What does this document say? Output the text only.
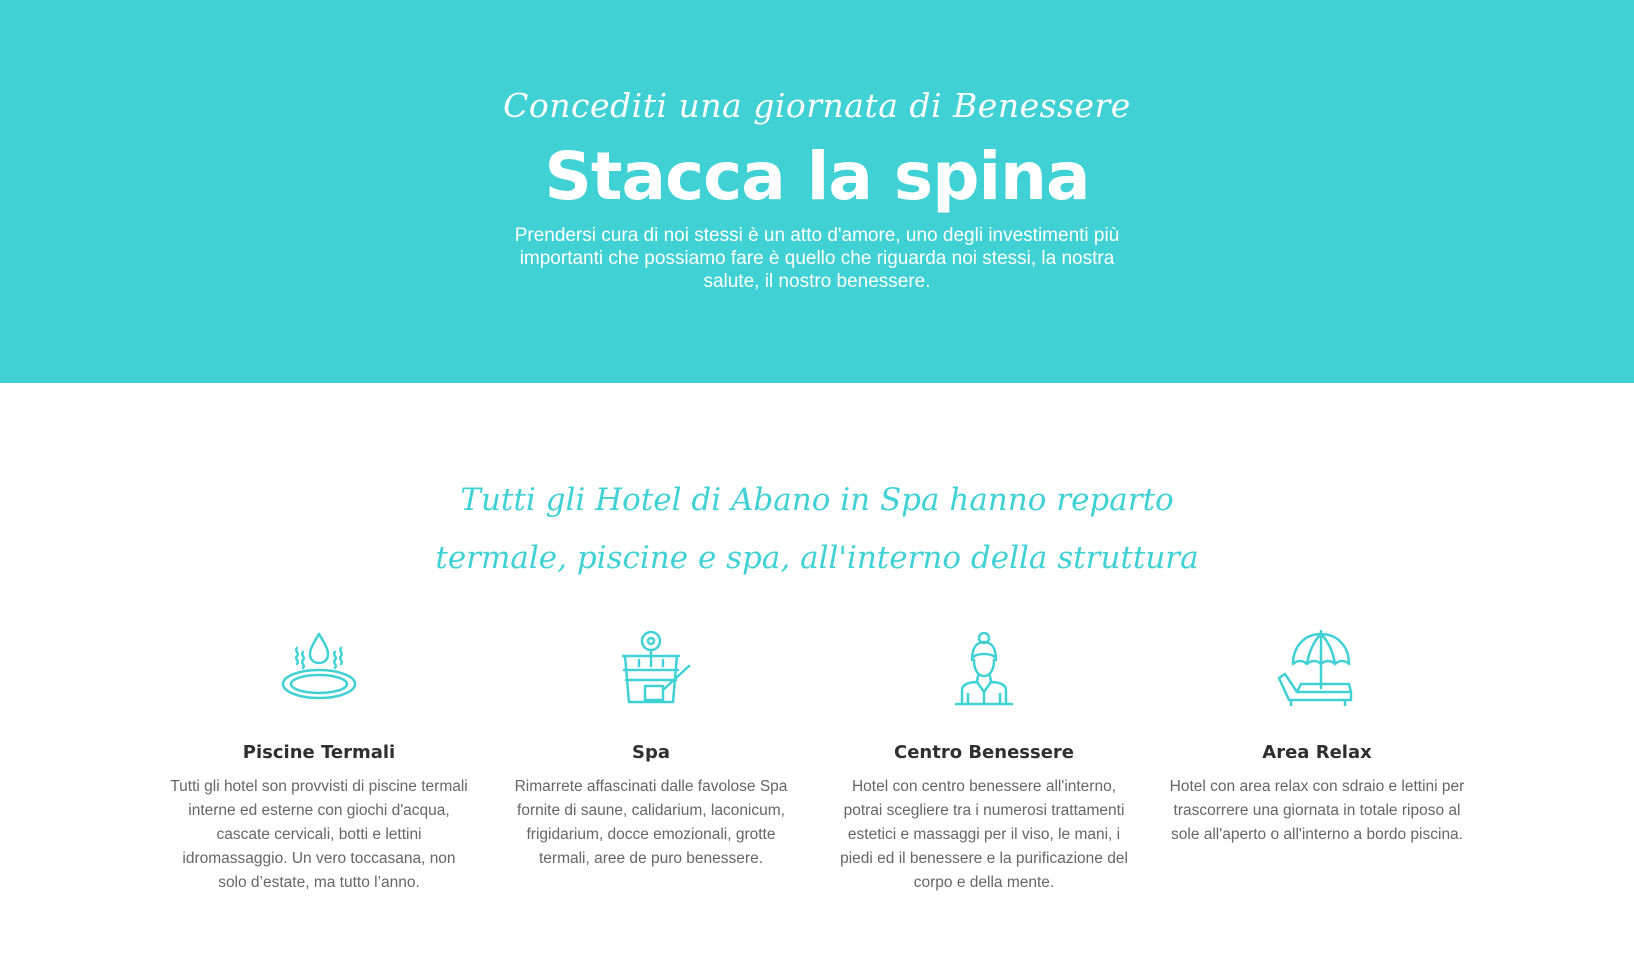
Concediti una giornata di Benessere
Stacca la spina
Prendersi cura di noi stessi è un atto d'amore, uno degli investimenti più importanti che possiamo fare è quello che riguarda noi stessi, la nostra salute, il nostro benessere.
Tutti gli Hotel di Abano in Spa hanno reparto termale, piscine e spa, all'interno della struttura
Piscine Termali
Tutti gli hotel son provvisti di piscine termali interne ed esterne con giochi d'acqua, cascate cervicali, botti e lettini idromassaggio. Un vero toccasana, non solo d’estate, ma tutto l’anno.
Spa
Rimarrete affascinati dalle favolose Spa fornite di saune, calidarium, laconicum, frigidarium, docce emozionali, grotte termali, aree de puro benessere.
Centro Benessere
Hotel con centro benessere all'interno, potrai scegliere tra i numerosi trattamenti estetici e massaggi per il viso, le mani, i piedi ed il benessere e la purificazione del corpo e della mente.
Area Relax
Hotel con area relax con sdraio e lettini per trascorrere una giornata in totale riposo al sole all'aperto o all'interno a bordo piscina.
